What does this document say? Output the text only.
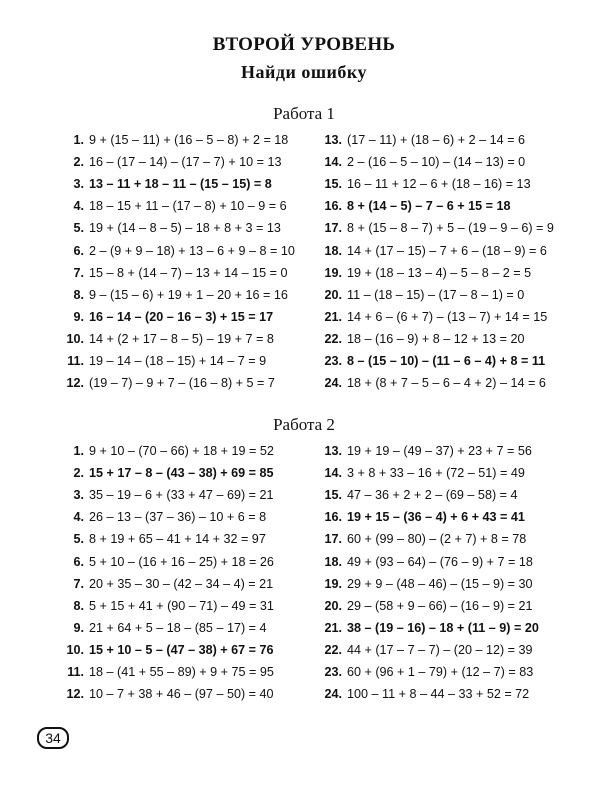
ВТОРОЙ УРОВЕНЬ
Найди ошибку
Работа 1
1. 9 + (15 – 11) + (16 – 5 – 8) + 2 = 18
2. 16 – (17 – 14) – (17 – 7) + 10 = 13
3. 13 – 11 + 18 – 11 – (15 – 15) = 8
4. 18 – 15 + 11 – (17 – 8) + 10 – 9 = 6
5. 19 + (14 – 8 – 5) – 18 + 8 + 3 = 13
6. 2 – (9 + 9 – 18) + 13 – 6 + 9 – 8 = 10
7. 15 – 8 + (14 – 7) – 13 + 14 – 15 = 0
8. 9 – (15 – 6) + 19 + 1 – 20 + 16 = 16
9. 16 – 14 – (20 – 16 – 3) + 15 = 17
10. 14 + (2 + 17 – 8 – 5) – 19 + 7 = 8
11. 19 – 14 – (18 – 15) + 14 – 7 = 9
12. (19 – 7) – 9 + 7 – (16 – 8) + 5 = 7
13. (17 – 11) + (18 – 6) + 2 – 14 = 6
14. 2 – (16 – 5 – 10) – (14 – 13) = 0
15. 16 – 11 + 12 – 6 + (18 – 16) = 13
16. 8 + (14 – 5) – 7 – 6 + 15 = 18
17. 8 + (15 – 8 – 7) + 5 – (19 – 9 – 6) = 9
18. 14 + (17 – 15) – 7 + 6 – (18 – 9) = 6
19. 19 + (18 – 13 – 4) – 5 – 8 – 2 = 5
20. 11 – (18 – 15) – (17 – 8 – 1) = 0
21. 14 + 6 – (6 + 7) – (13 – 7) + 14 = 15
22. 18 – (16 – 9) + 8 – 12 + 13 = 20
23. 8 – (15 – 10) – (11 – 6 – 4) + 8 = 11
24. 18 + (8 + 7 – 5 – 6 – 4 + 2) – 14 = 6
Работа 2
1. 9 + 10 – (70 – 66) + 18 + 19 = 52
2. 15 + 17 – 8 – (43 – 38) + 69 = 85
3. 35 – 19 – 6 + (33 + 47 – 69) = 21
4. 26 – 13 – (37 – 36) – 10 + 6 = 8
5. 8 + 19 + 65 – 41 + 14 + 32 = 97
6. 5 + 10 – (16 + 16 – 25) + 18 = 26
7. 20 + 35 – 30 – (42 – 34 – 4) = 21
8. 5 + 15 + 41 + (90 – 71) – 49 = 31
9. 21 + 64 + 5 – 18 – (85 – 17) = 4
10. 15 + 10 – 5 – (47 – 38) + 67 = 76
11. 18 – (41 + 55 – 89) + 9 + 75 = 95
12. 10 – 7 + 38 + 46 – (97 – 50) = 40
13. 19 + 19 – (49 – 37) + 23 + 7 = 56
14. 3 + 8 + 33 – 16 + (72 – 51) = 49
15. 47 – 36 + 2 + 2 – (69 – 58) = 4
16. 19 + 15 – (36 – 4) + 6 + 43 = 41
17. 60 + (99 – 80) – (2 + 7) + 8 = 78
18. 49 + (93 – 64) – (76 – 9) + 7 = 18
19. 29 + 9 – (48 – 46) – (15 – 9) = 30
20. 29 – (58 + 9 – 66) – (16 – 9) = 21
21. 38 – (19 – 16) – 18 + (11 – 9) = 20
22. 44 + (17 – 7 – 7) – (20 – 12) = 39
23. 60 + (96 + 1 – 79) + (12 – 7) = 83
24. 100 – 11 + 8 – 44 – 33 + 52 = 72
34
